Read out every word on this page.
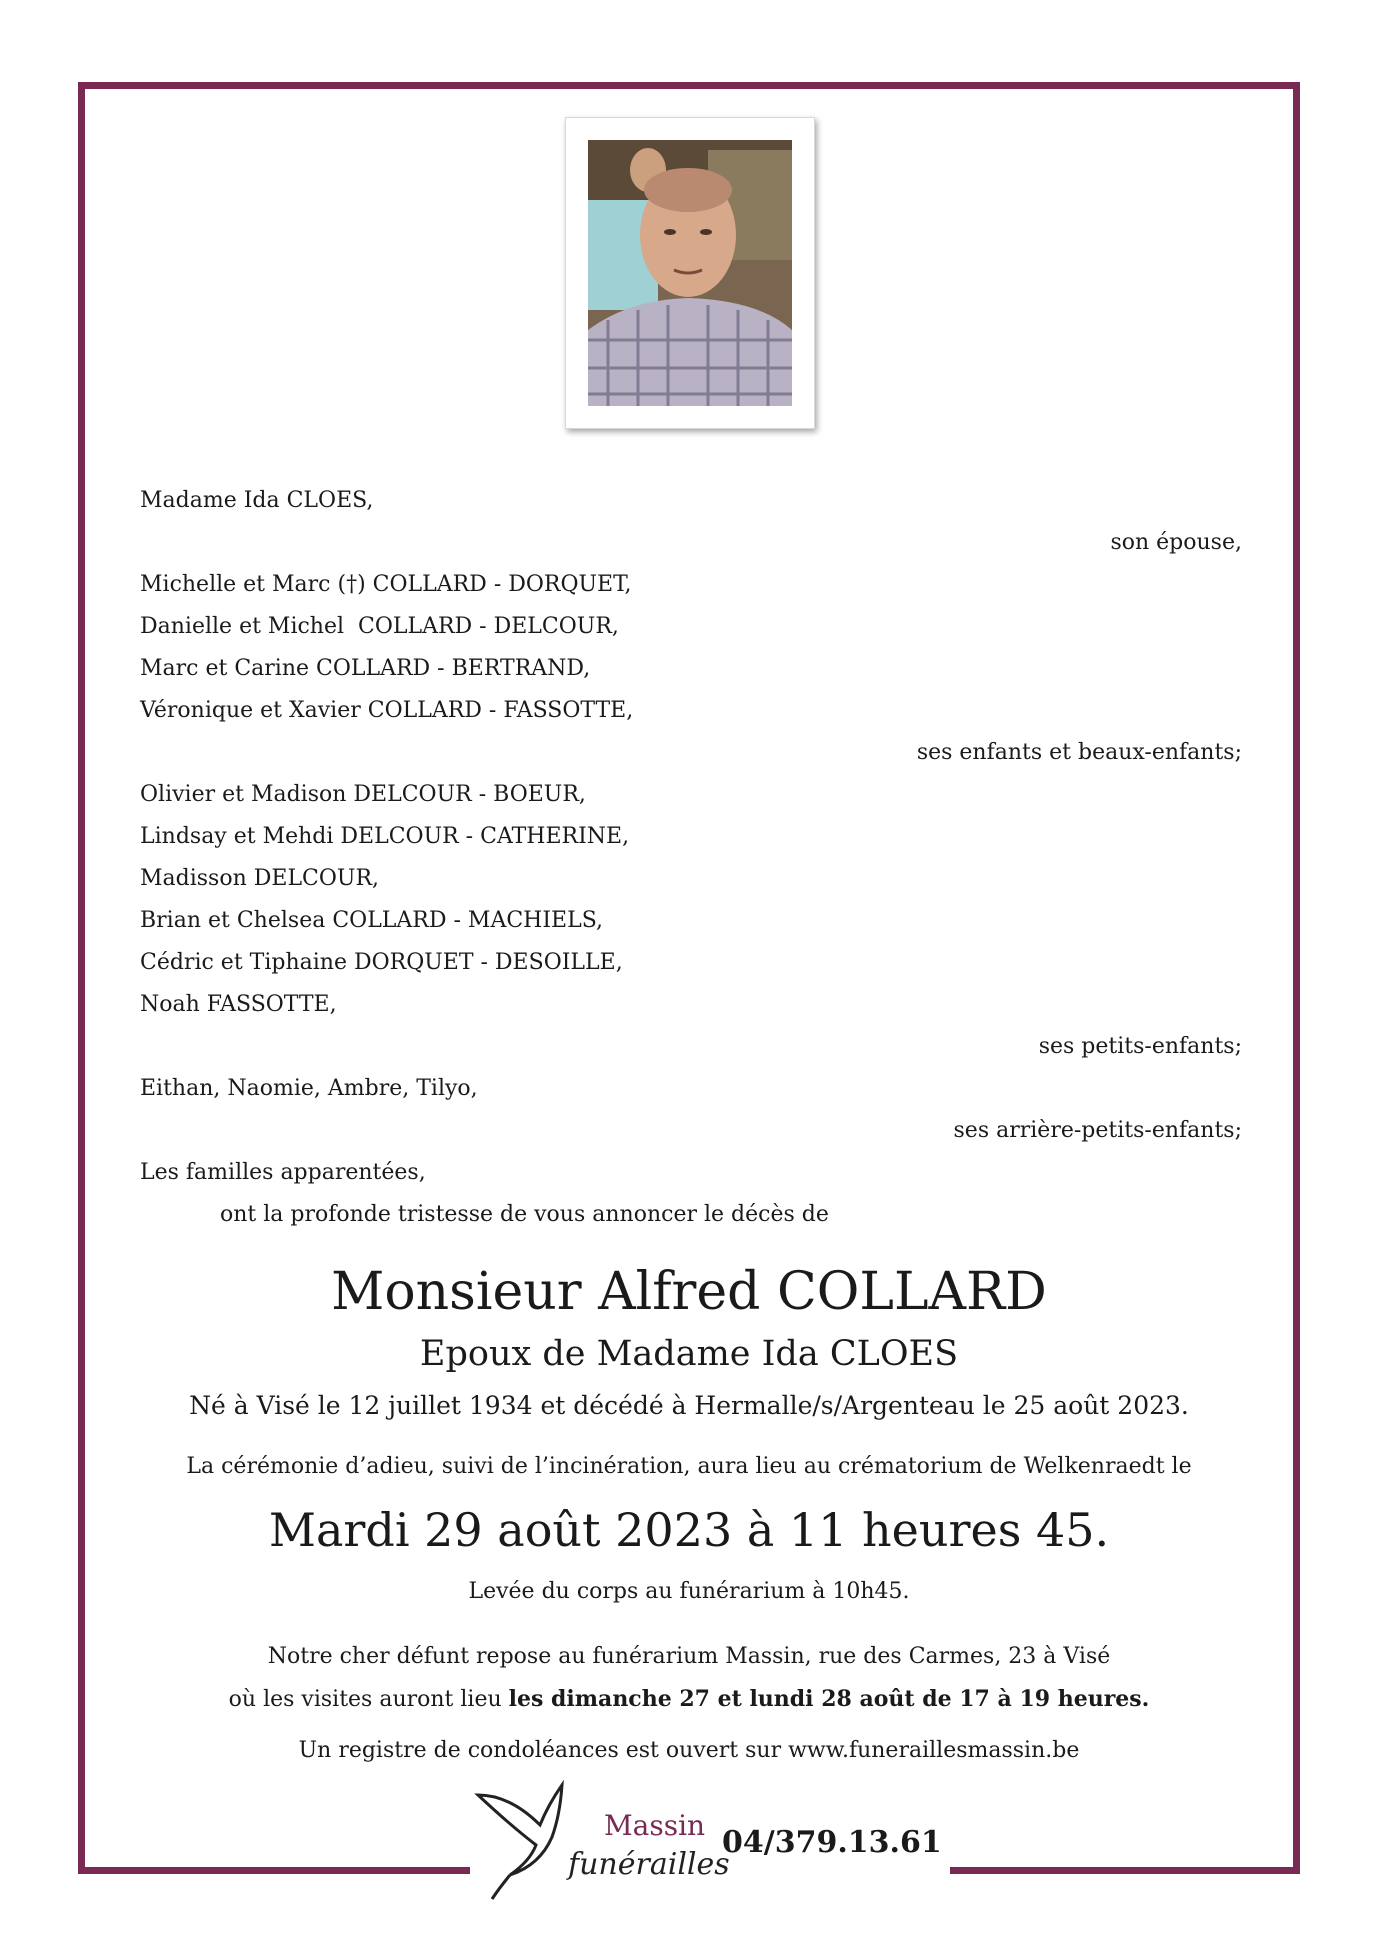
Madame Ida CLOES,
son épouse,
Michelle et Marc (†) COLLARD - DORQUET,
Danielle et Michel  COLLARD - DELCOUR,
Marc et Carine COLLARD - BERTRAND,
Véronique et Xavier COLLARD - FASSOTTE,
ses enfants et beaux-enfants;
Olivier et Madison DELCOUR - BOEUR,
Lindsay et Mehdi DELCOUR - CATHERINE,
Madisson DELCOUR,
Brian et Chelsea COLLARD - MACHIELS,
Cédric et Tiphaine DORQUET - DESOILLE,
Noah FASSOTTE,
ses petits-enfants;
Eithan, Naomie, Ambre, Tilyo,
ses arrière-petits-enfants;
Les familles apparentées,
ont la profonde tristesse de vous annoncer le décès de
Monsieur Alfred COLLARD
Epoux de Madame Ida CLOES
Né à Visé le 12 juillet 1934 et décédé à Hermalle/s/Argenteau le 25 août 2023.
La cérémonie d’adieu, suivi de l’incinération, aura lieu au crématorium de Welkenraedt le
Mardi 29 août 2023 à 11 heures 45.
Levée du corps au funérarium à 10h45.
Notre cher défunt repose au funérarium Massin, rue des Carmes, 23 à Visé
où les visites auront lieu les dimanche 27 et lundi 28 août de 17 à 19 heures.
Un registre de condoléances est ouvert sur www.funeraillesmassin.be
Massin
funérailles
04/379.13.61
